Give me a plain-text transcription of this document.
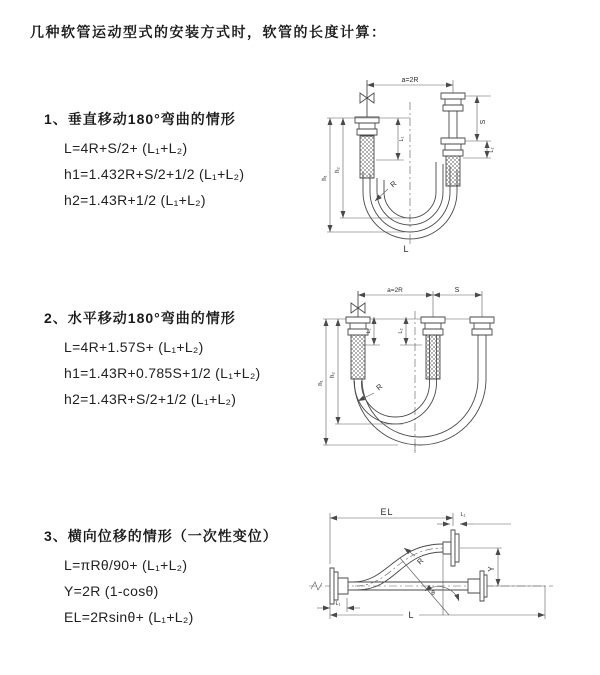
几种软管运动型式的安装方式时，软管的长度计算：
1、垂直移动180°弯曲的情形
L=4R+S/2+ (L₁+L₂)
h1=1.432R+S/2+1/2 (L₁+L₂)
h2=1.43R+1/2 (L₁+L₂)
2、水平移动180°弯曲的情形
L=4R+1.57S+ (L₁+L₂)
h1=1.43R+0.785S+1/2 (L₁+L₂)
h2=1.43R+S/2+1/2 (L₁+L₂)
3、横向位移的情形（一次性变位）
L=πRθ/90+ (L₁+L₂)
Y=2R (1-cosθ)
EL=2Rsinθ+ (L₁+L₂)
a=2R
S
L₂
L₁
h₁
h₂
R
L
a=2R	S
L₁	L₂
h₁
h₂
R
EL	L₁
Y
R
θ
L
L₁
